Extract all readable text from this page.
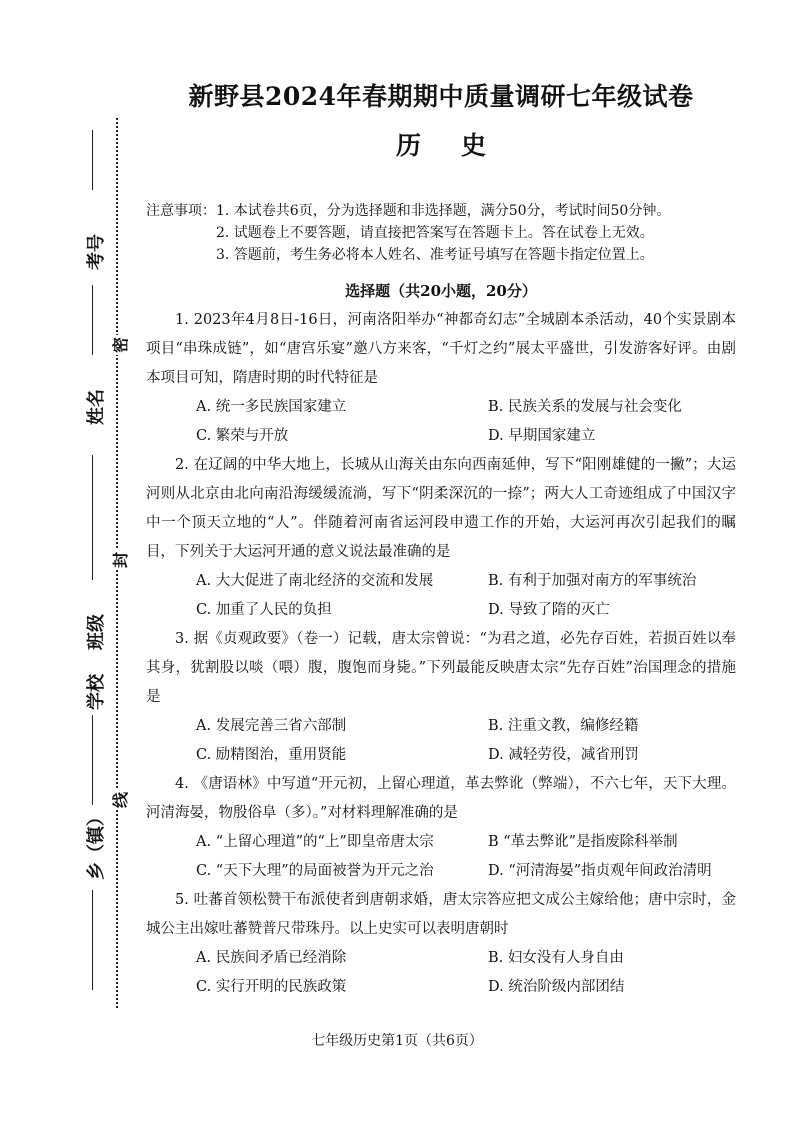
考号
密
姓名
封
班级
学校
线
乡（镇）
新野县2024年春期期中质量调研七年级试卷
历史
注意事项： 1. 本试卷共6页，分为选择题和非选择题，满分50分，考试时间50分钟。
2. 试题卷上不要答题，请直接把答案写在答题卡上。答在试卷上无效。
3. 答题前，考生务必将本人姓名、准考证号填写在答题卡指定位置上。
选择题（共20小题，20分）

1. 2023年4月8日-16日，河南洛阳举办“神都奇幻志”全城剧本杀活动，40个实景剧本项目“串珠成链”，如“唐宫乐宴”邀八方来客，“千灯之约”展太平盛世，引发游客好评。由剧本项目可知，隋唐时期的时代特征是

A. 统一多民族国家建立	B. 民族关系的发展与社会变化
C. 繁荣与开放	D. 早期国家建立

2. 在辽阔的中华大地上，长城从山海关由东向西南延伸，写下“阳刚雄健的一撇”；大运河则从北京由北向南沿海缓缓流淌，写下“阴柔深沉的一捺”；两大人工奇迹组成了中国汉字中一个顶天立地的“人”。伴随着河南省运河段申遗工作的开始，大运河再次引起我们的瞩目，下列关于大运河开通的意义说法最准确的是

A. 大大促进了南北经济的交流和发展	B. 有利于加强对南方的军事统治
C. 加重了人民的负担	D. 导致了隋的灭亡

3. 据《贞观政要》（卷一）记载，唐太宗曾说：“为君之道，必先存百姓，若损百姓以奉其身，犹割股以啖（喂）腹，腹饱而身毙。”下列最能反映唐太宗“先存百姓”治国理念的措施是

A. 发展完善三省六部制	B. 注重文教，编修经籍
C. 励精图治，重用贤能	D. 减轻劳役，减省刑罚

4. 《唐语林》中写道“开元初，上留心理道，革去弊讹（弊端），不六七年，天下大理。河清海晏，物殷俗阜（多）。”对材料理解准确的是

A. “上留心理道”的“上”即皇帝唐太宗	B “革去弊讹”是指废除科举制
C. “天下大理”的局面被誉为开元之治	D. “河清海晏”指贞观年间政治清明

5. 吐蕃首领松赞干布派使者到唐朝求婚，唐太宗答应把文成公主嫁给他；唐中宗时，金城公主出嫁吐蕃赞普尺带珠丹。以上史实可以表明唐朝时

A. 民族间矛盾已经消除	B. 妇女没有人身自由
C. 实行开明的民族政策	D. 统治阶级内部团结
七年级历史第1页（共6页）
